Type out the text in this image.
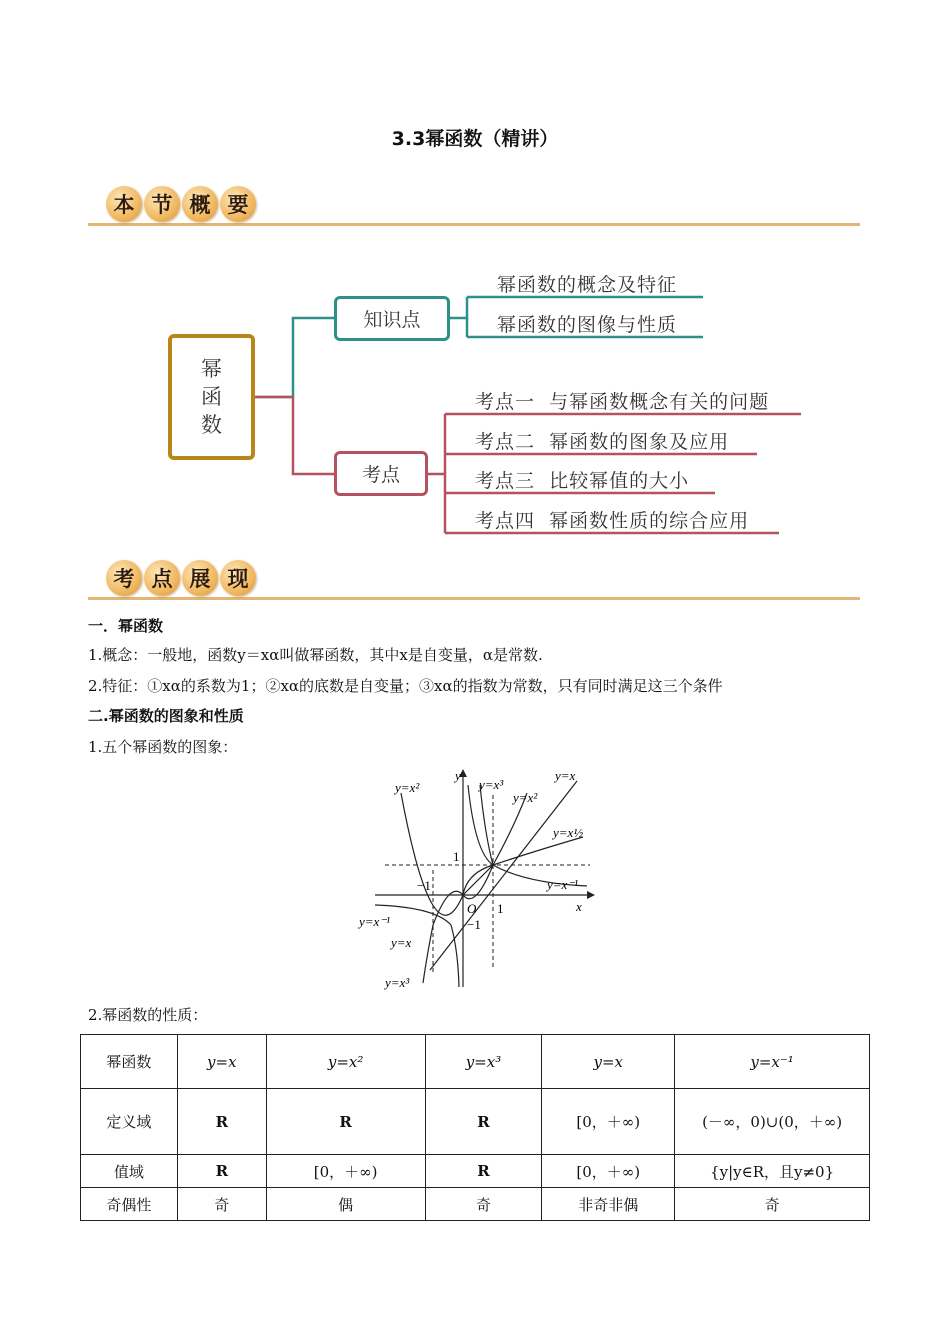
3.3幂函数（精讲）
本 节 概 要
幂
函
数
知识点
考点
幂函数的概念及特征
幂函数的图像与性质
考点一  与幂函数概念有关的问题
考点二  幂函数的图象及应用
考点三  比较幂值的大小
考点四  幂函数性质的综合应用
考 点 展 现
一．幂函数
1.概念：一般地，函数y＝xα叫做幂函数，其中x是自变量，α是常数.
2.特征：①xα的系数为1；②xα的底数是自变量；③xα的指数为常数，只有同时满足这三个条件
二.幂函数的图象和性质
1.五个幂函数的图象：
y
x
O
1
−1
1
−1
y=x²	y=x³
y=x²
y=x
y=x½
y=x⁻¹
y=x⁻¹
y=x
y=x³
2.幂函数的性质：
幂函数	y=x	y=x²	y=x³	y=x	y=x⁻¹
定义域	R	R	R	[0，＋∞)	(－∞，0)∪(0，＋∞)
值域	R	[0，＋∞)	R	[0，＋∞)	{y|y∈R，且y≠0}
奇偶性	奇	偶	奇	非奇非偶	奇
